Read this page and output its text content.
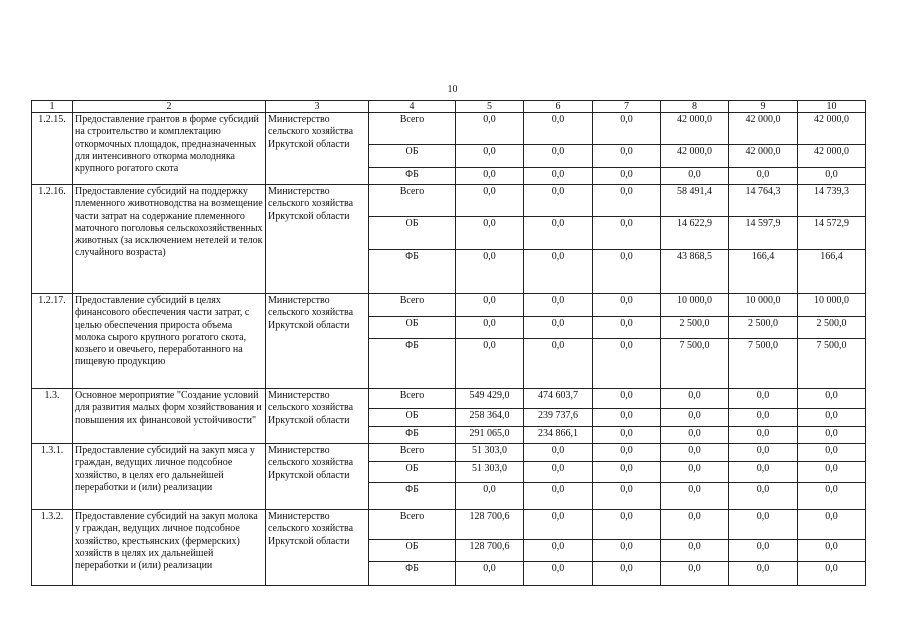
10
1	2	3	4	5	6	7	8	9	10
1.2.15.	Предоставление грантов в форме субсидий на строительство и комплектацию откормочных площадок, предназначенных для интенсивного откорма молодняка крупного рогатого скота	Министерство сельского хозяйства Иркутской области	Всего	0,0	0,0	0,0	42 000,0	42 000,0	42 000,0
			ОБ	0,0	0,0	0,0	42 000,0	42 000,0	42 000,0
			ФБ	0,0	0,0	0,0	0,0	0,0	0,0
1.2.16.	Предоставление субсидий на поддержку племенного животноводства на возмещение части затрат на содержание племенного маточного поголовья сельскохозяйственных животных (за исключением нетелей и телок случайного возраста)	Министерство сельского хозяйства Иркутской области	Всего	0,0	0,0	0,0	58 491,4	14 764,3	14 739,3
			ОБ	0,0	0,0	0,0	14 622,9	14 597,9	14 572,9
			ФБ	0,0	0,0	0,0	43 868,5	166,4	166,4
1.2.17.	Предоставление субсидий в целях финансового обеспечения части затрат, с целью обеспечения прироста объема молока сырого крупного рогатого скота, козьего и овечьего, переработанного на пищевую продукцию	Министерство сельского хозяйства Иркутской области	Всего	0,0	0,0	0,0	10 000,0	10 000,0	10 000,0
			ОБ	0,0	0,0	0,0	2 500,0	2 500,0	2 500,0
			ФБ	0,0	0,0	0,0	7 500,0	7 500,0	7 500,0
1.3.	Основное мероприятие "Создание условий для развития малых форм хозяйствования и повышения их финансовой устойчивости"	Министерство сельского хозяйства Иркутской области	Всего	549 429,0	474 603,7	0,0	0,0	0,0	0,0
			ОБ	258 364,0	239 737,6	0,0	0,0	0,0	0,0
			ФБ	291 065,0	234 866,1	0,0	0,0	0,0	0,0
1.3.1.	Предоставление субсидий на закуп мяса у граждан, ведущих личное подсобное хозяйство, в целях его дальнейшей переработки и (или) реализации	Министерство сельского хозяйства Иркутской области	Всего	51 303,0	0,0	0,0	0,0	0,0	0,0
			ОБ	51 303,0	0,0	0,0	0,0	0,0	0,0
			ФБ	0,0	0,0	0,0	0,0	0,0	0,0
1.3.2.	Предоставление субсидий на закуп молока у граждан, ведущих личное подсобное хозяйство, крестьянских (фермерских) хозяйств в целях их дальнейшей переработки и (или) реализации	Министерство сельского хозяйства Иркутской области	Всего	128 700,6	0,0	0,0	0,0	0,0	0,0
			ОБ	128 700,6	0,0	0,0	0,0	0,0	0,0
			ФБ	0,0	0,0	0,0	0,0	0,0	0,0
